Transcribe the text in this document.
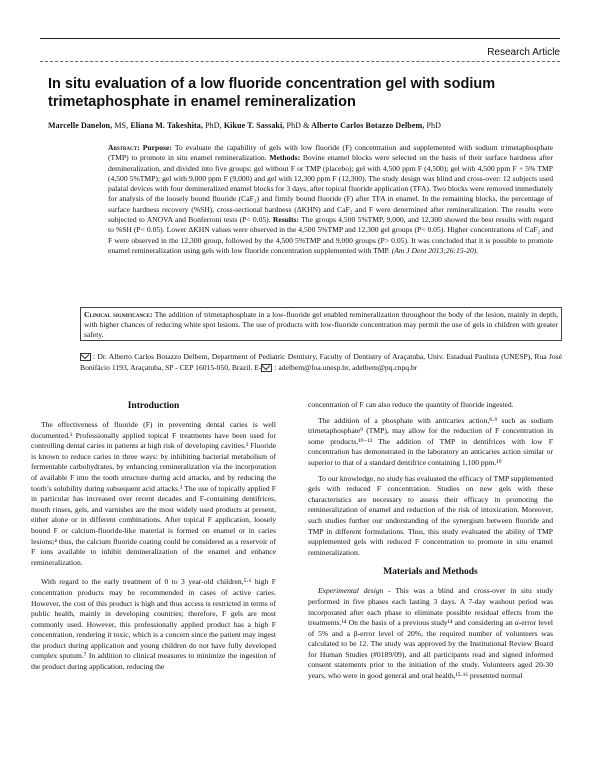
Research Article
In situ evaluation of a low fluoride concentration gel with sodium trimetaphosphate in enamel remineralization
Marcelle Danelon, MS, Eliana M. Takeshita, PhD, Kikue T. Sassaki, PhD & Alberto Carlos Botazzo Delbem, PhD

Abstract: Purpose: To evaluate the capability of gels with low fluoride (F) concentration and supplemented with sodium trimetaphosphate (TMP) to promote in situ enamel remineralization. Methods: Bovine enamel blocks were selected on the basis of their surface hardness after demineralization, and divided into five groups: gel without F or TMP (placebo); gel with 4,500 ppm F (4,500); gel with 4,500 ppm F + 5% TMP (4,500 5%TMP); gel with 9,000 ppm F (9,000) and gel with 12,300 ppm F (12,300). The study design was blind and cross-over: 12 subjects used palatal devices with four demineralized enamel blocks for 3 days, after topical fluoride application (TFA). Two blocks were removed immediately for analysis of the loosely bound fluoride (CaF₂) and firmly bound fluoride (F) after TFA in enamel. In the remaining blocks, the percentage of surface hardness recovery (%SH), cross-sectional hardness (ΔKHN) and CaF₂ and F were determined after remineralization. The results were subjected to ANOVA and Bonferroni tests (P< 0.05). Results: The groups 4,500 5%TMP, 9,000, and 12,300 showed the best results with regard to %SH (P< 0.05). Lower ΔKHN values were observed in the 4,500 5%TMP and 12,300 gel groups (P< 0.05). Higher concentrations of CaF₂ and F were observed in the 12,300 group, followed by the 4,500 5%TMP and 9,000 groups (P> 0.05). It was concluded that it is possible to promote enamel remineralization using gels with low fluoride concentration supplemented with TMP. (Am J Dent 2013;26:15-20).

Clinical significance: The addition of trimetaphosphate in a low-fluoride gel enabled remineralization throughout the body of the lesion, mainly in depth, with higher chances of reducing white spot lesions. The use of products with low-fluoride concentration may permit the use of gels in children with greater safety.
: Dr. Alberto Carlos Botazzo Delbem, Department of Pediatric Dentistry, Faculty of Dentistry of Araçatuba, Univ. Estadual Paulista (UNESP), Rua José Bonifácio 1193, Araçatuba, SP - CEP 16015-050, Brazil. E- : adelbem@foa.unesp.br, adelbem@pq.cnpq.br
Introduction

The effectiveness of fluoride (F) in preventing dental caries is well documented.¹ Professionally applied topical F treatments have been used for controlling dental caries in patients at high risk of developing cavities.² Fluoride is known to reduce caries in three ways: by inhibiting bacterial metabolism of fermentable carbohydrates, by enhancing remineralization via the incorporation of available F into the tooth structure during acid attacks, and by reducing the tooth’s solubility during subsequent acid attacks.³ The use of topically applied F in particular has increased over recent decades and F-containing dentifrices, mouth rinses, gels, and varnishes are the most widely used products at present, either alone or in different combinations. After topical F application, loosely bound F or calcium-fluoride-like material is formed on enamel or in caries lesions;⁴ thus, the calcium fluoride coating could be considered as a reservoir of F ions available to inhibit demineralization of the enamel and enhance remineralization.

With regard to the early treatment of 0 to 3 year-old children,⁵·⁶ high F concentration products may be recommended in cases of active caries. However, the cost of this product is high and thus access is restricted in terms of public health, mainly in developing countries; therefore, F gels are most commonly used. However, this professionally applied product has a high F concentration, rendering it toxic, which is a concern since the patient may ingest the product during application and young children do not have fully developed complex sputum.⁷ In addition to clinical measures to minimize the ingestion of the product during application, reducing the

concentration of F can also reduce the quantity of fluoride ingested.

The addition of a phosphate with anticaries action,⁸·⁹ such as sodium trimetaphosphate⁹ (TMP), may allow for the reduction of F concentration in some products.¹⁰⁻¹³ The addition of TMP in dentifrices with low F concentration has demonstrated in the laboratory an anticaries action similar or superior to that of a standard dentifrice containing 1,100 ppm.¹⁰

To our knowledge, no study has evaluated the efficacy of TMP supplemented gels with reduced F concentration. Studies on new gels with these characteristics are necessary to assess their efficacy in promoting the remineralization of enamel and reduction of the risk of intoxication. Moreover, such studies further our understanding of the synergism between fluoride and TMP in different formulations. Thus, this study evaluated the ability of TMP supplemented gels with reduced F concentration to promote in situ enamel remineralization.

Materials and Methods

Experimental design - This was a blind and cross-over in situ study performed in five phases each lasting 3 days. A 7-day washout period was incorporated after each phase to eliminate possible residual effects from the treatments.¹⁴ On the basis of a previous study¹⁴ and considering an α-error level of 5% and a β-error level of 20%, the required number of volunteers was calculated to be 12. The study was approved by the Institutional Review Board for Human Studies (#0189/09), and all participants read and signed informed consent statements prior to the initiation of the study. Volunteers aged 20-30 years, who were in good general and oral health,¹⁵·¹⁶ presented normal
